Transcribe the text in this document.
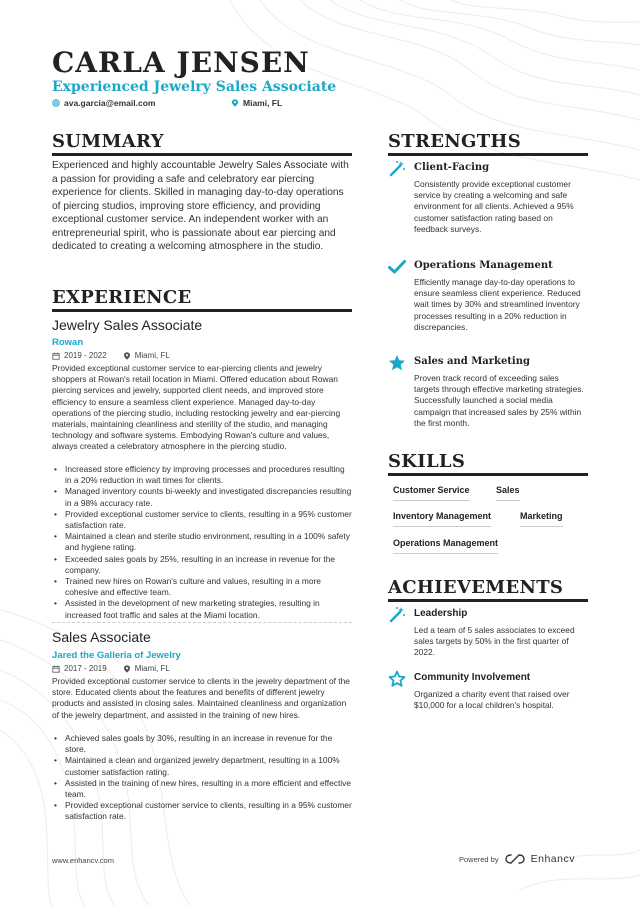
CARLA JENSEN
Experienced Jewelry Sales Associate
ava.garcia@email.com	Miami, FL
SUMMARY
Experienced and highly accountable Jewelry Sales Associate with a passion for providing a safe and celebratory ear piercing experience for clients. Skilled in managing day-to-day operations of piercing studios, improving store efficiency, and providing exceptional customer service. An independent worker with an entrepreneurial spirit, who is passionate about ear piercing and dedicated to creating a welcoming atmosphere in the studio.
EXPERIENCE
Jewelry Sales Associate
Rowan
2019 - 2022	Miami, FL
Provided exceptional customer service to ear-piercing clients and jewelry shoppers at Rowan's retail location in Miami. Offered education about Rowan piercing services and jewelry, supported client needs, and improved store efficiency to ensure a seamless client experience. Managed day-to-day operations of the piercing studio, including restocking jewelry and ear-piercing materials, maintaining cleanliness and sterility of the studio, and managing technology and software systems. Embodying Rowan's culture and values, always created a celebratory atmosphere in the piercing studio.
• Increased store efficiency by improving processes and procedures resulting in a 20% reduction in wait times for clients.
• Managed inventory counts bi-weekly and investigated discrepancies resulting in a 98% accuracy rate.
• Provided exceptional customer service to clients, resulting in a 95% customer satisfaction rate.
• Maintained a clean and sterile studio environment, resulting in a 100% safety and hygiene rating.
• Exceeded sales goals by 25%, resulting in an increase in revenue for the company.
• Trained new hires on Rowan's culture and values, resulting in a more cohesive and effective team.
• Assisted in the development of new marketing strategies, resulting in increased foot traffic and sales at the Miami location.
Sales Associate
Jared the Galleria of Jewelry
2017 - 2019	Miami, FL
Provided exceptional customer service to clients in the jewelry department of the store. Educated clients about the features and benefits of different jewelry products and assisted in closing sales. Maintained cleanliness and organization of the jewelry department, and assisted in the training of new hires.
• Achieved sales goals by 30%, resulting in an increase in revenue for the store.
• Maintained a clean and organized jewelry department, resulting in a 100% customer satisfaction rating.
• Assisted in the training of new hires, resulting in a more efficient and effective team.
• Provided exceptional customer service to clients, resulting in a 95% customer satisfaction rate.
STRENGTHS
Client-Facing
Consistently provide exceptional customer service by creating a welcoming and safe environment for all clients. Achieved a 95% customer satisfaction rating based on feedback surveys.
Operations Management
Efficiently manage day-to-day operations to ensure seamless client experience. Reduced wait times by 30% and streamlined inventory processes resulting in a 20% reduction in discrepancies.
Sales and Marketing
Proven track record of exceeding sales targets through effective marketing strategies. Successfully launched a social media campaign that increased sales by 25% within the first month.
SKILLS
Customer Service	Sales
Inventory Management	Marketing
Operations Management
ACHIEVEMENTS
Leadership
Led a team of 5 sales associates to exceed sales targets by 50% in the first quarter of 2022.
Community Involvement
Organized a charity event that raised over $10,000 for a local children's hospital.
www.enhancv.com	Powered by	Enhancv
